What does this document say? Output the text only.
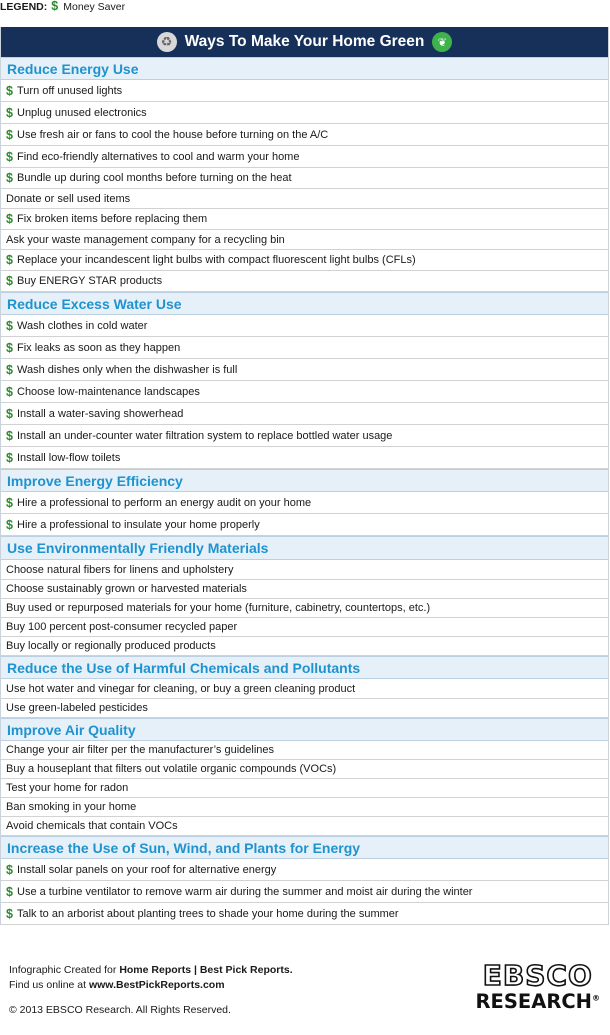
LEGEND: $ Money Saver
♻ Ways To Make Your Home Green	❦
Reduce Energy Use
$ Turn off unused lights
$ Unplug unused electronics
$ Use fresh air or fans to cool the house before turning on the A/C
$ Find eco-friendly alternatives to cool and warm your home
$ Bundle up during cool months before turning on the heat
Donate or sell used items
$ Fix broken items before replacing them
Ask your waste management company for a recycling bin
$ Replace your incandescent light bulbs with compact fluorescent light bulbs (CFLs)
$ Buy ENERGY STAR products
Reduce Excess Water Use
$ Wash clothes in cold water
$ Fix leaks as soon as they happen
$ Wash dishes only when the dishwasher is full
$ Choose low-maintenance landscapes
$ Install a water-saving showerhead
$ Install an under-counter water filtration system to replace bottled water usage
$ Install low-flow toilets
Improve Energy Efficiency
$ Hire a professional to perform an energy audit on your home
$ Hire a professional to insulate your home properly
Use Environmentally Friendly Materials
Choose natural fibers for linens and upholstery
Choose sustainably grown or harvested materials
Buy used or repurposed materials for your home (furniture, cabinetry, countertops, etc.)
Buy 100 percent post-consumer recycled paper
Buy locally or regionally produced products
Reduce the Use of Harmful Chemicals and Pollutants
Use hot water and vinegar for cleaning, or buy a green cleaning product
Use green-labeled pesticides
Improve Air Quality
Change your air filter per the manufacturer’s guidelines
Buy a houseplant that filters out volatile organic compounds (VOCs)
Test your home for radon
Ban smoking in your home
Avoid chemicals that contain VOCs
Increase the Use of Sun, Wind, and Plants for Energy
$ Install solar panels on your roof for alternative energy
$ Use a turbine ventilator to remove warm air during the summer and moist air during the winter
$ Talk to an arborist about planting trees to shade your home during the summer
Infographic Created for Home Reports | Best Pick Reports.
Find us online at www.BestPickReports.com
© 2013 EBSCO Research. All Rights Reserved.
EBSCO
RESEARCH®
